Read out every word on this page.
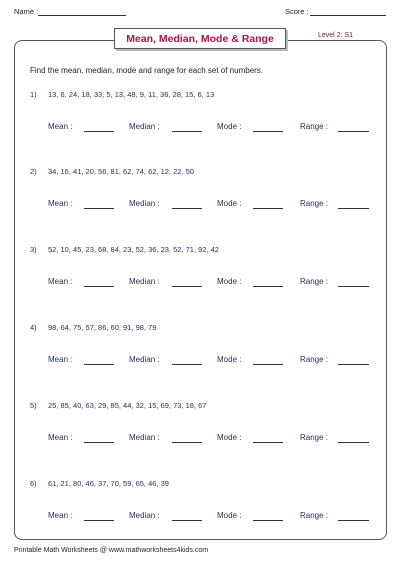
Name :	Score :
Mean, Median, Mode & Range	Level 2: S1
Find the mean, median, mode and range for each set of numbers.
1) 13, 6, 24, 18, 33, 5, 13, 48, 9, 11, 36, 28, 15, 6, 13
Mean :	Median :	Mode :	Range :
2) 34, 16, 41, 20, 56, 81, 62, 74, 62, 12, 22, 50
Mean :	Median :	Mode :	Range :
3) 52, 10, 45, 23, 68, 84, 23, 52, 36, 23, 52, 71, 92, 42
Mean :	Median :	Mode :	Range :
4) 98, 64, 75, 57, 86, 60, 91, 98, 79
Mean :	Median :	Mode :	Range :
5) 25, 85, 40, 63, 29, 85, 44, 32, 15, 69, 73, 18, 67
Mean :	Median :	Mode :	Range :
6) 61, 21, 80, 46, 37, 70, 59, 65, 46, 39
Mean :	Median :	Mode :	Range :
Printable Math Worksheets @ www.mathworksheets4kids.com
